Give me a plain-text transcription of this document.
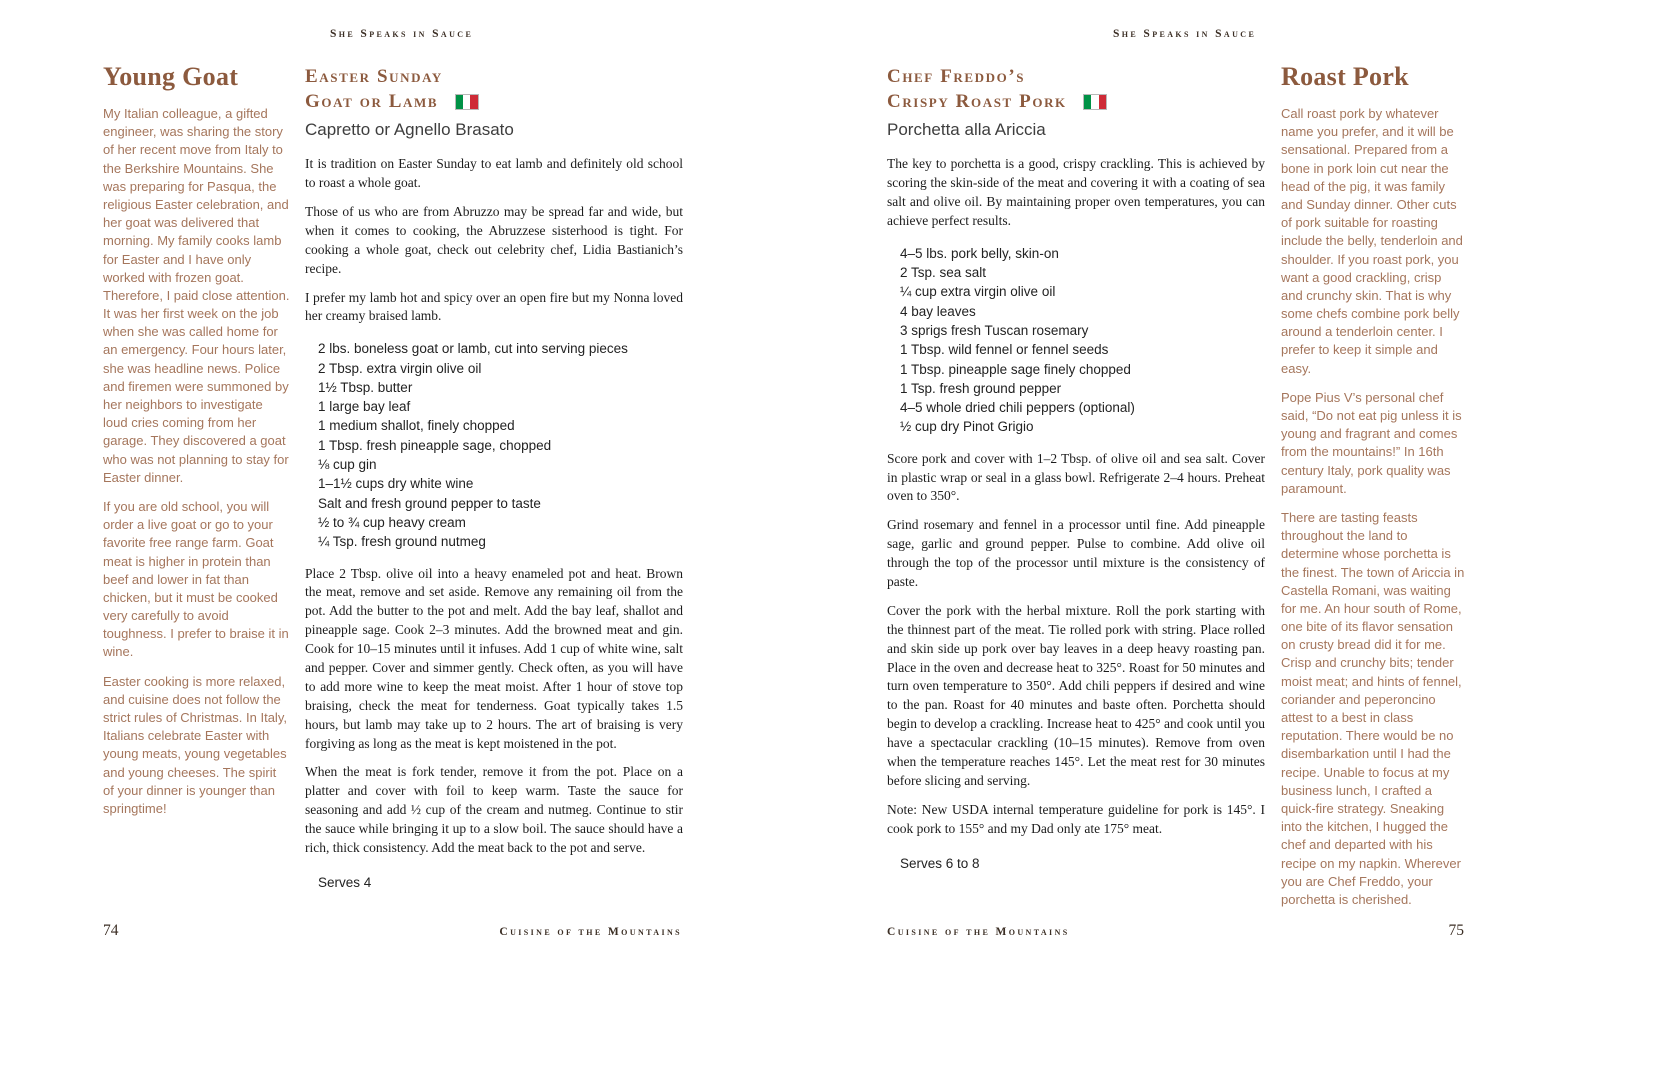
She Speaks in Sauce	She Speaks in Sauce
Young Goat

My Italian colleague, a gifted engineer, was sharing the story of her recent move from Italy to the Berkshire Mountains. She was preparing for Pasqua, the religious Easter celebration, and her goat was delivered that morning. My family cooks lamb for Easter and I have only worked with frozen goat. Therefore, I paid close attention. It was her first week on the job when she was called home for an emergency. Four hours later, she was headline news. Police and firemen were summoned by her neighbors to investigate loud cries coming from her garage. They discovered a goat who was not planning to stay for Easter dinner.

If you are old school, you will order a live goat or go to your favorite free range farm. Goat meat is higher in protein than beef and lower in fat than chicken, but it must be cooked very carefully to avoid toughness. I prefer to braise it in wine.

Easter cooking is more relaxed, and cuisine does not follow the strict rules of Christmas. In Italy, Italians celebrate Easter with young meats, young vegetables and young cheeses. The spirit of your dinner is younger than springtime!

Easter Sunday
Goat or Lamb
Capretto or Agnello Brasato

It is tradition on Easter Sunday to eat lamb and definitely old school to roast a whole goat.

Those of us who are from Abruzzo may be spread far and wide, but when it comes to cooking, the Abruzzese sisterhood is tight. For cooking a whole goat, check out celebrity chef, Lidia Bastianich’s recipe.

I prefer my lamb hot and spicy over an open fire but my Nonna loved her creamy braised lamb.

2 lbs. boneless goat or lamb, cut into serving pieces
2 Tbsp. extra virgin olive oil
1½ Tbsp. butter
1 large bay leaf
1 medium shallot, finely chopped
1 Tbsp. fresh pineapple sage, chopped
⅛ cup gin
1–1½ cups dry white wine
Salt and fresh ground pepper to taste
½ to ¾ cup heavy cream
¼ Tsp. fresh ground nutmeg

Place 2 Tbsp. olive oil into a heavy enameled pot and heat. Brown the meat, remove and set aside. Remove any remaining oil from the pot. Add the butter to the pot and melt. Add the bay leaf, shallot and pineapple sage. Cook 2–3 minutes. Add the browned meat and gin. Cook for 10–15 minutes until it infuses. Add 1 cup of white wine, salt and pepper. Cover and simmer gently. Check often, as you will have to add more wine to keep the meat moist. After 1 hour of stove top braising, check the meat for tenderness. Goat typically takes 1.5 hours, but lamb may take up to 2 hours. The art of braising is very forgiving as long as the meat is kept moistened in the pot.

When the meat is fork tender, remove it from the pot. Place on a platter and cover with foil to keep warm. Taste the sauce for seasoning and add ½ cup of the cream and nutmeg. Continue to stir the sauce while bringing it up to a slow boil. The sauce should have a rich, thick consistency. Add the meat back to the pot and serve.

Serves 4
Chef Freddo’s
Crispy Roast Pork
Porchetta alla Ariccia

The key to porchetta is a good, crispy crackling. This is achieved by scoring the skin-side of the meat and covering it with a coating of sea salt and olive oil. By maintaining proper oven temperatures, you can achieve perfect results.

4–5 lbs. pork belly, skin-on
2 Tsp. sea salt
¼ cup extra virgin olive oil
4 bay leaves
3 sprigs fresh Tuscan rosemary
1 Tbsp. wild fennel or fennel seeds
1 Tbsp. pineapple sage finely chopped
1 Tsp. fresh ground pepper
4–5 whole dried chili peppers (optional)
½ cup dry Pinot Grigio

Score pork and cover with 1–2 Tbsp. of olive oil and sea salt. Cover in plastic wrap or seal in a glass bowl. Refrigerate 2–4 hours. Preheat oven to 350°.

Grind rosemary and fennel in a processor until fine. Add pineapple sage, garlic and ground pepper. Pulse to combine. Add olive oil through the top of the processor until mixture is the consistency of paste.

Cover the pork with the herbal mixture. Roll the pork starting with the thinnest part of the meat. Tie rolled pork with string. Place rolled and skin side up pork over bay leaves in a deep heavy roasting pan. Place in the oven and decrease heat to 325°. Roast for 50 minutes and turn oven temperature to 350°. Add chili peppers if desired and wine to the pan. Roast for 40 minutes and baste often. Porchetta should begin to develop a crackling. Increase heat to 425° and cook until you have a spectacular crackling (10–15 minutes). Remove from oven when the temperature reaches 145°. Let the meat rest for 30 minutes before slicing and serving.

Note: New USDA internal temperature guideline for pork is 145°. I cook pork to 155° and my Dad only ate 175° meat.

Serves 6 to 8
Roast Pork

Call roast pork by whatever name you prefer, and it will be sensational. Prepared from a bone in pork loin cut near the head of the pig, it was family and Sunday dinner. Other cuts of pork suitable for roasting include the belly, tenderloin and shoulder. If you roast pork, you want a good crackling, crisp and crunchy skin. That is why some chefs combine pork belly around a tenderloin center. I prefer to keep it simple and easy.

Pope Pius V’s personal chef said, “Do not eat pig unless it is young and fragrant and comes from the mountains!” In 16th century Italy, pork quality was paramount.

There are tasting feasts throughout the land to determine whose porchetta is the finest. The town of Ariccia in Castella Romani, was waiting for me. An hour south of Rome, one bite of its flavor sensation on crusty bread did it for me. Crisp and crunchy bits; tender moist meat; and hints of fennel, coriander and peperoncino attest to a best in class reputation. There would be no disembarkation until I had the recipe. Unable to focus at my business lunch, I crafted a quick-fire strategy. Sneaking into the kitchen, I hugged the chef and departed with his recipe on my napkin. Wherever you are Chef Freddo, your porchetta is cherished.

74	Cuisine of the Mountains	Cuisine of the Mountains	75
